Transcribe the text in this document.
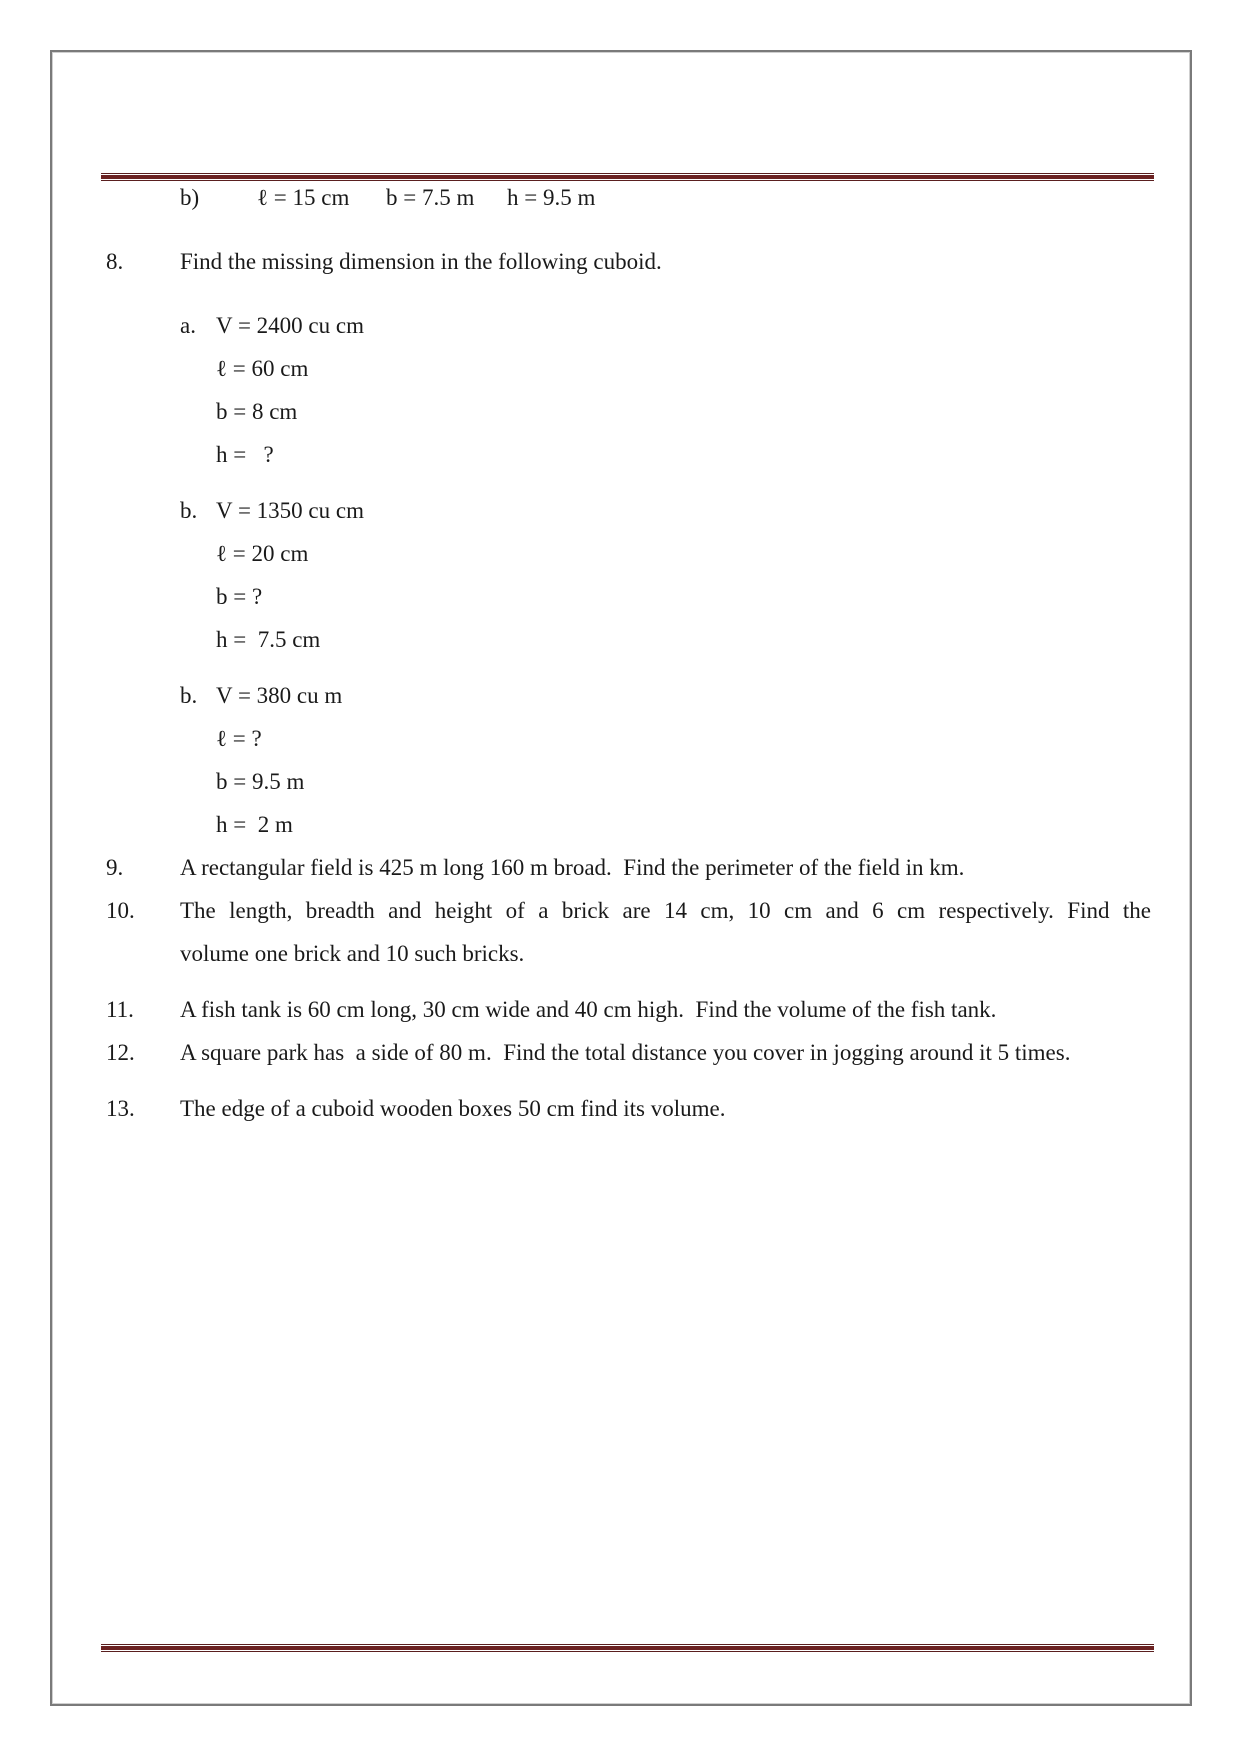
b)	ℓ = 15 cm b = 7.5 m h = 9.5 m
8. Find the missing dimension in the following cuboid.
a. V = 2400 cu cm
ℓ = 60 cm
b = 8 cm
h =   ?
b. V = 1350 cu cm
ℓ = 20 cm
b = ?
h =  7.5 cm
b. V = 380 cu m
ℓ = ?
b = 9.5 m
h =  2 m
9. A rectangular field is 425 m long 160 m broad.  Find the perimeter of the field in km.
10. The length, breadth and height of a brick are 14 cm, 10 cm and 6 cm respectively. Find the
volume one brick and 10 such bricks.
11. A fish tank is 60 cm long, 30 cm wide and 40 cm high.  Find the volume of the fish tank.
12. A square park has  a side of 80 m.  Find the total distance you cover in jogging around it 5 times.
13. The edge of a cuboid wooden boxes 50 cm find its volume.
